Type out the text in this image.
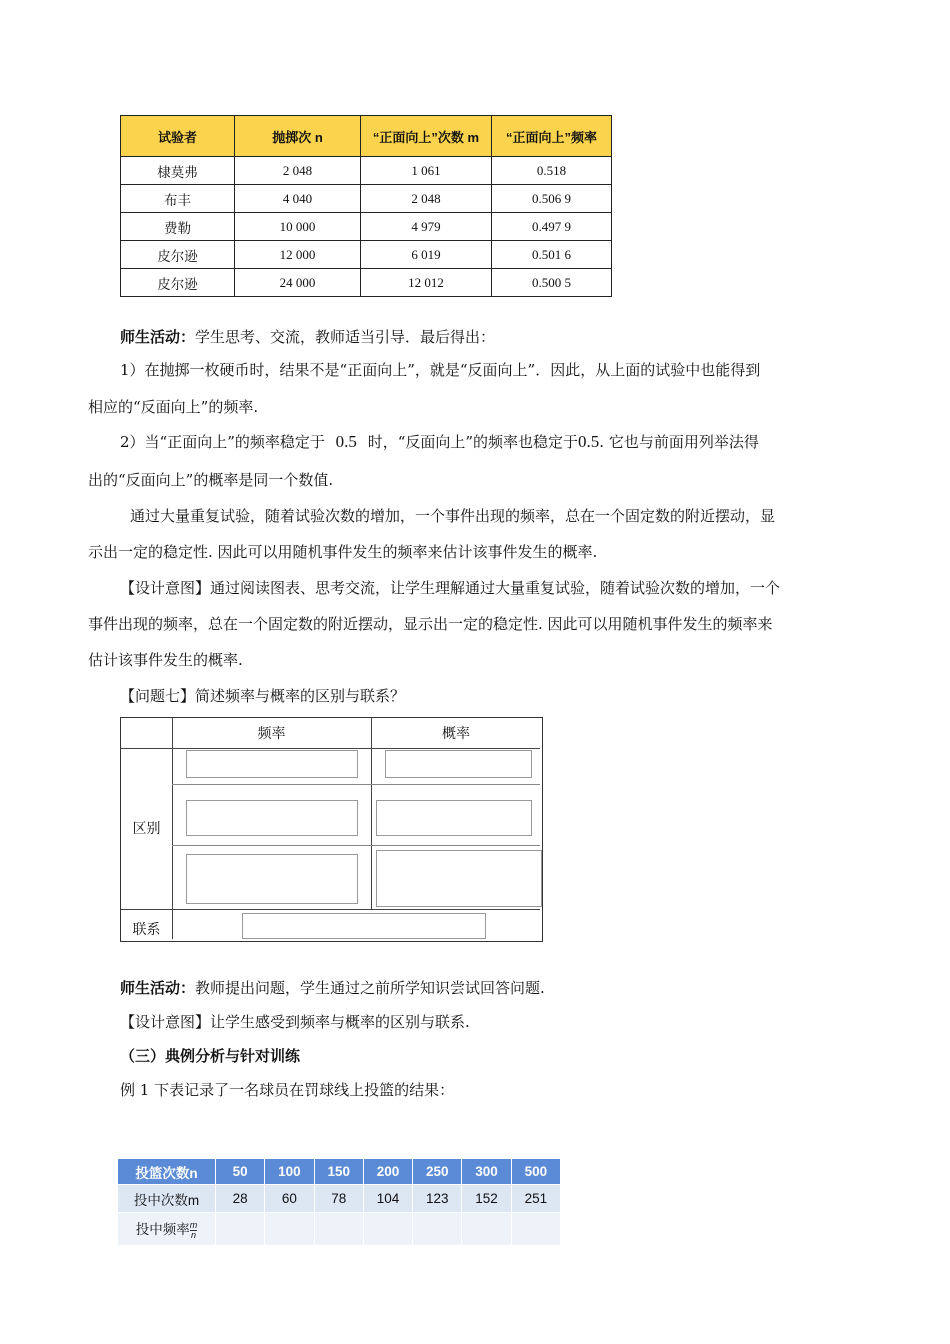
试验者	抛掷次 n	“正面向上”次数 m	“正面向上”频率
棣莫弗	2 048	1 061	0.518
布丰	4 040	2 048	0.506 9
费勒	10 000	4 979	0.497 9
皮尔逊	12 000	6 019	0.501 6
皮尔逊	24 000	12 012	0.500 5
师生活动：学生思考、交流，教师适当引导．最后得出：
1）在抛掷一枚硬币时，结果不是“正面向上”，就是“反面向上”．因此，从上面的试验中也能得到
相应的“反面向上”的频率.
2）当“正面向上”的频率稳定于 0.5 时，“反面向上”的频率也稳定于0.5. 它也与前面用列举法得
出的“反面向上”的概率是同一个数值.
通过大量重复试验，随着试验次数的增加，一个事件出现的频率，总在一个固定数的附近摆动，显
示出一定的稳定性. 因此可以用随机事件发生的频率来估计该事件发生的概率.
【设计意图】通过阅读图表、思考交流，让学生理解通过大量重复试验，随着试验次数的增加，一个
事件出现的频率，总在一个固定数的附近摆动，显示出一定的稳定性. 因此可以用随机事件发生的频率来
估计该事件发生的概率.
【问题七】简述频率与概率的区别与联系？
频率	概率
区别
联系
师生活动：教师提出问题，学生通过之前所学知识尝试回答问题.
【设计意图】让学生感受到频率与概率的区别与联系.
（三）典例分析与针对训练
例 1 下表记录了一名球员在罚球线上投篮的结果：
投篮次数n	50	100	150	200	250	300	500
投中次数m	28	60	78	104	123	152	251
投中频率 $\frac{m}{n}$
